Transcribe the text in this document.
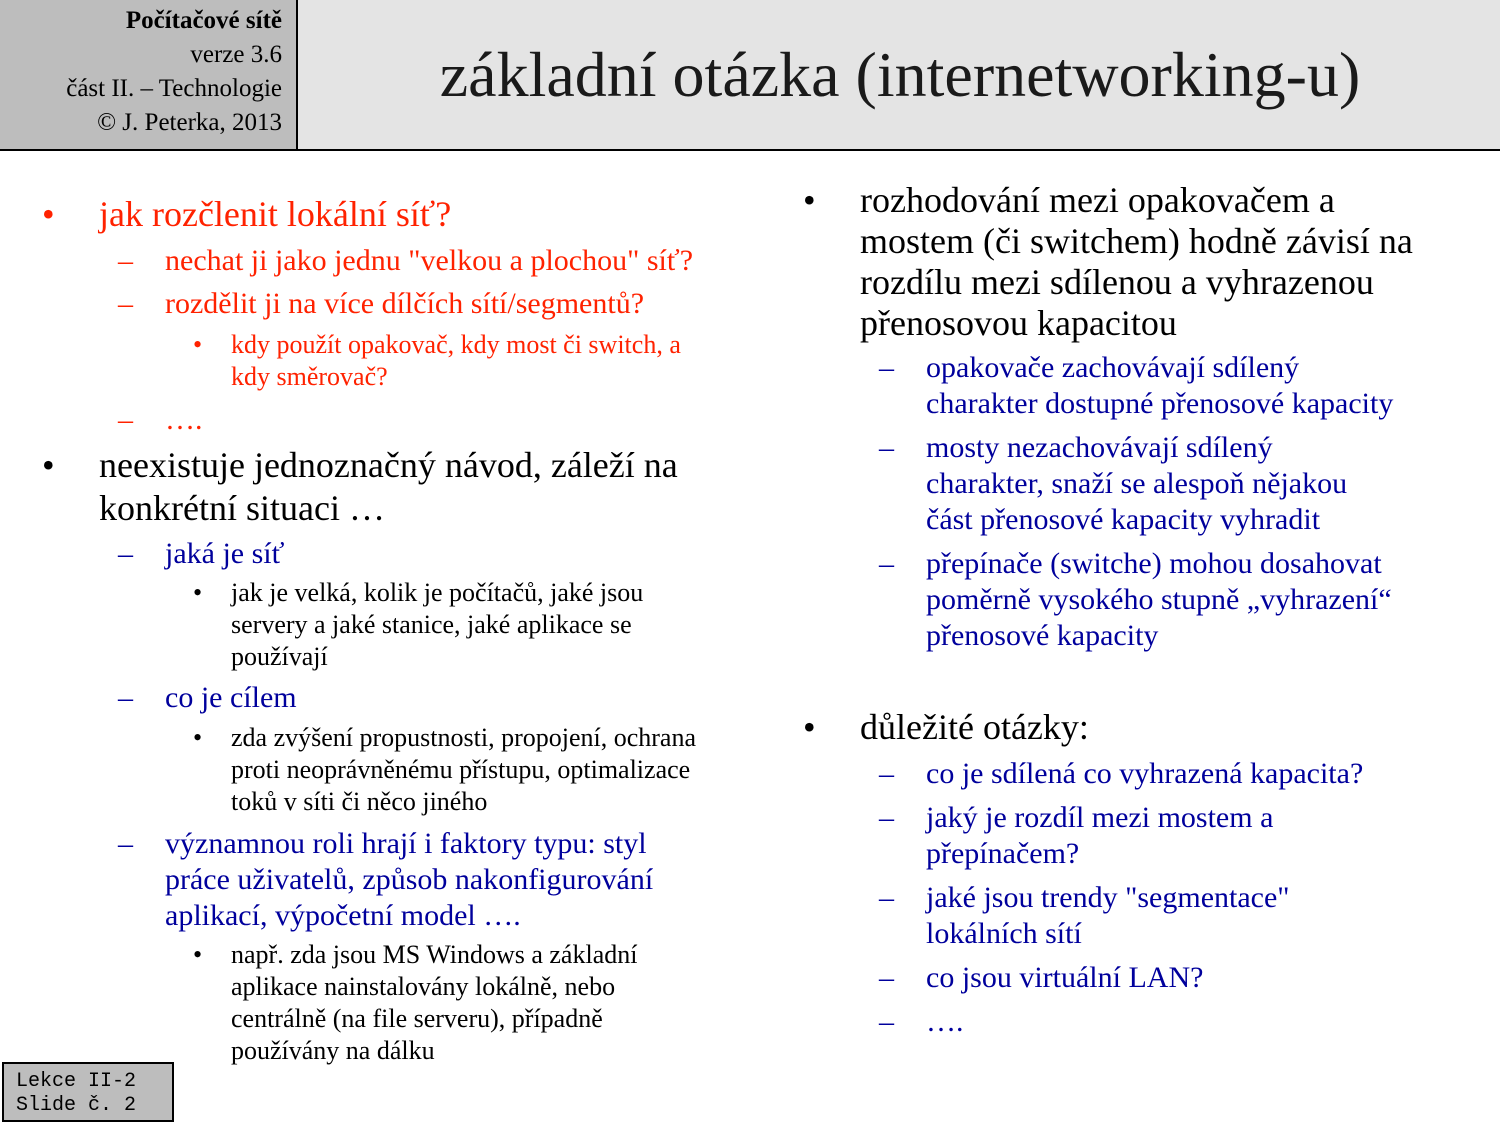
Počítačové sítě
verze 3.6
část II. – Technologie
© J. Peterka, 2013
základní otázka (internetworking-u)
• jak rozčlenit lokální síť?
– nechat ji jako jednu "velkou a plochou" síť?
– rozdělit ji na více dílčích sítí/segmentů?
• kdy použít opakovač, kdy most či switch, a
kdy směrovač?
– ….
• neexistuje jednoznačný návod, záleží na
konkrétní situaci …
– jaká je síť
• jak je velká, kolik je počítačů, jaké jsou
servery a jaké stanice, jaké aplikace se
používají
– co je cílem
• zda zvýšení propustnosti, propojení, ochrana
proti neoprávněnému přístupu, optimalizace
toků v síti či něco jiného
– významnou roli hrají i faktory typu: styl
práce uživatelů, způsob nakonfigurování
aplikací, výpočetní model ….
• např. zda jsou MS Windows a základní
aplikace nainstalovány lokálně, nebo
centrálně (na file serveru), případně
používány na dálku
• rozhodování mezi opakovačem a
mostem (či switchem) hodně závisí na
rozdílu mezi sdílenou a vyhrazenou
přenosovou kapacitou
– opakovače zachovávají sdílený
charakter dostupné přenosové kapacity
– mosty nezachovávají sdílený
charakter, snaží se alespoň nějakou
část přenosové kapacity vyhradit
– přepínače (switche) mohou dosahovat
poměrně vysokého stupně „vyhrazení“
přenosové kapacity
• důležité otázky:
– co je sdílená co vyhrazená kapacita?
– jaký je rozdíl mezi mostem a
přepínačem?
– jaké jsou trendy "segmentace"
lokálních sítí
– co jsou virtuální LAN?
– ….
Lekce II-2
Slide č. 2
